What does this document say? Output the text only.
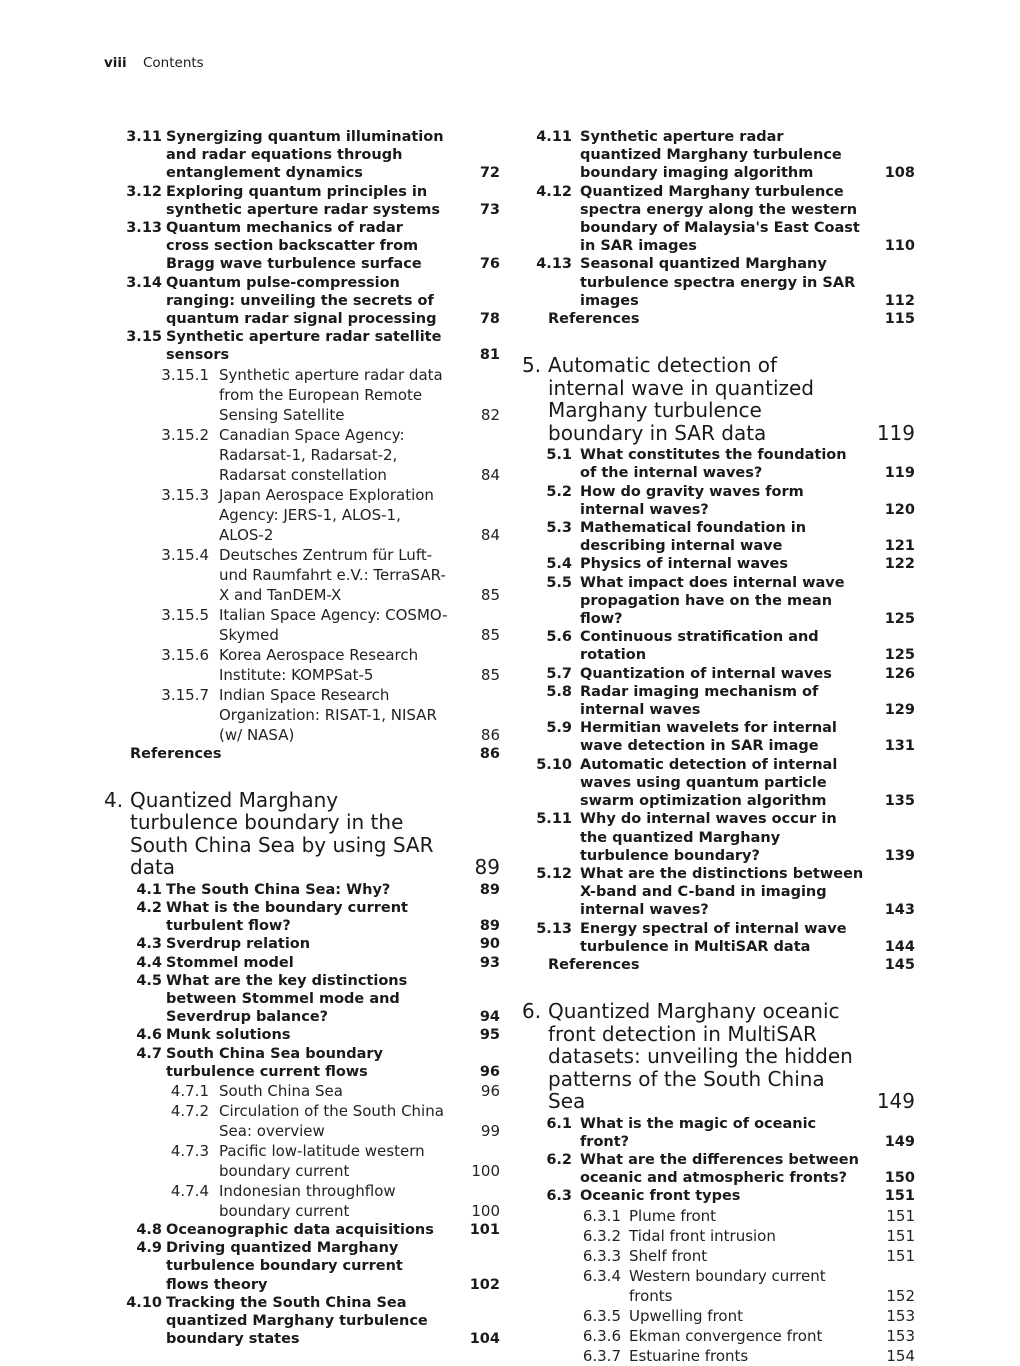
viii Contents
3.11 Synergizing quantum illumination and radar equations through entanglement dynamics	72
3.12 Exploring quantum principles in synthetic aperture radar systems	73
3.13 Quantum mechanics of radar cross section backscatter from Bragg wave turbulence surface	76
3.14 Quantum pulse-compression ranging: unveiling the secrets of quantum radar signal processing	78
3.15 Synthetic aperture radar satellite sensors	81
3.15.1 Synthetic aperture radar data from the European Remote Sensing Satellite	82
3.15.2 Canadian Space Agency: Radarsat-1, Radarsat-2, Radarsat constellation	84
3.15.3 Japan Aerospace Exploration Agency: JERS-1, ALOS-1, ALOS-2	84
3.15.4 Deutsches Zentrum für Luft- und Raumfahrt e.V.: TerraSAR-X and TanDEM-X	85
3.15.5 Italian Space Agency: COSMO-Skymed	85
3.15.6 Korea Aerospace Research Institute: KOMPSat-5	85
3.15.7 Indian Space Research Organization: RISAT-1, NISAR (w/ NASA)	86
References	86
4. Quantized Marghany turbulence boundary in the South China Sea by using SAR data	89
4.1 The South China Sea: Why?	89
4.2 What is the boundary current turbulent flow?	89
4.3 Sverdrup relation	90
4.4 Stommel model	93
4.5 What are the key distinctions between Stommel mode and Severdrup balance?	94
4.6 Munk solutions	95
4.7 South China Sea boundary turbulence current flows	96
4.7.1 South China Sea	96
4.7.2 Circulation of the South China Sea: overview	99
4.7.3 Pacific low-latitude western boundary current	100
4.7.4 Indonesian throughflow boundary current	100
4.8 Oceanographic data acquisitions	101
4.9 Driving quantized Marghany turbulence boundary current flows theory	102
4.10 Tracking the South China Sea quantized Marghany turbulence boundary states	104
4.11 Synthetic aperture radar quantized Marghany turbulence boundary imaging algorithm	108
4.12 Quantized Marghany turbulence spectra energy along the western boundary of Malaysia's East Coast in SAR images	110
4.13 Seasonal quantized Marghany turbulence spectra energy in SAR images	112
References	115
5. Automatic detection of internal wave in quantized Marghany turbulence boundary in SAR data	119
5.1 What constitutes the foundation of the internal waves?	119
5.2 How do gravity waves form internal waves?	120
5.3 Mathematical foundation in describing internal wave	121
5.4 Physics of internal waves	122
5.5 What impact does internal wave propagation have on the mean flow?	125
5.6 Continuous stratification and rotation	125
5.7 Quantization of internal waves	126
5.8 Radar imaging mechanism of internal waves	129
5.9 Hermitian wavelets for internal wave detection in SAR image	131
5.10 Automatic detection of internal waves using quantum particle swarm optimization algorithm	135
5.11 Why do internal waves occur in the quantized Marghany turbulence boundary?	139
5.12 What are the distinctions between X-band and C-band in imaging internal waves?	143
5.13 Energy spectral of internal wave turbulence in MultiSAR data	144
References	145
6. Quantized Marghany oceanic front detection in MultiSAR datasets: unveiling the hidden patterns of the South China Sea	149
6.1 What is the magic of oceanic front?	149
6.2 What are the differences between oceanic and atmospheric fronts?	150
6.3 Oceanic front types	151
6.3.1 Plume front	151
6.3.2 Tidal front intrusion	151
6.3.3 Shelf front	151
6.3.4 Western boundary current fronts	152
6.3.5 Upwelling front	153
6.3.6 Ekman convergence front	153
6.3.7 Estuarine fronts	154
